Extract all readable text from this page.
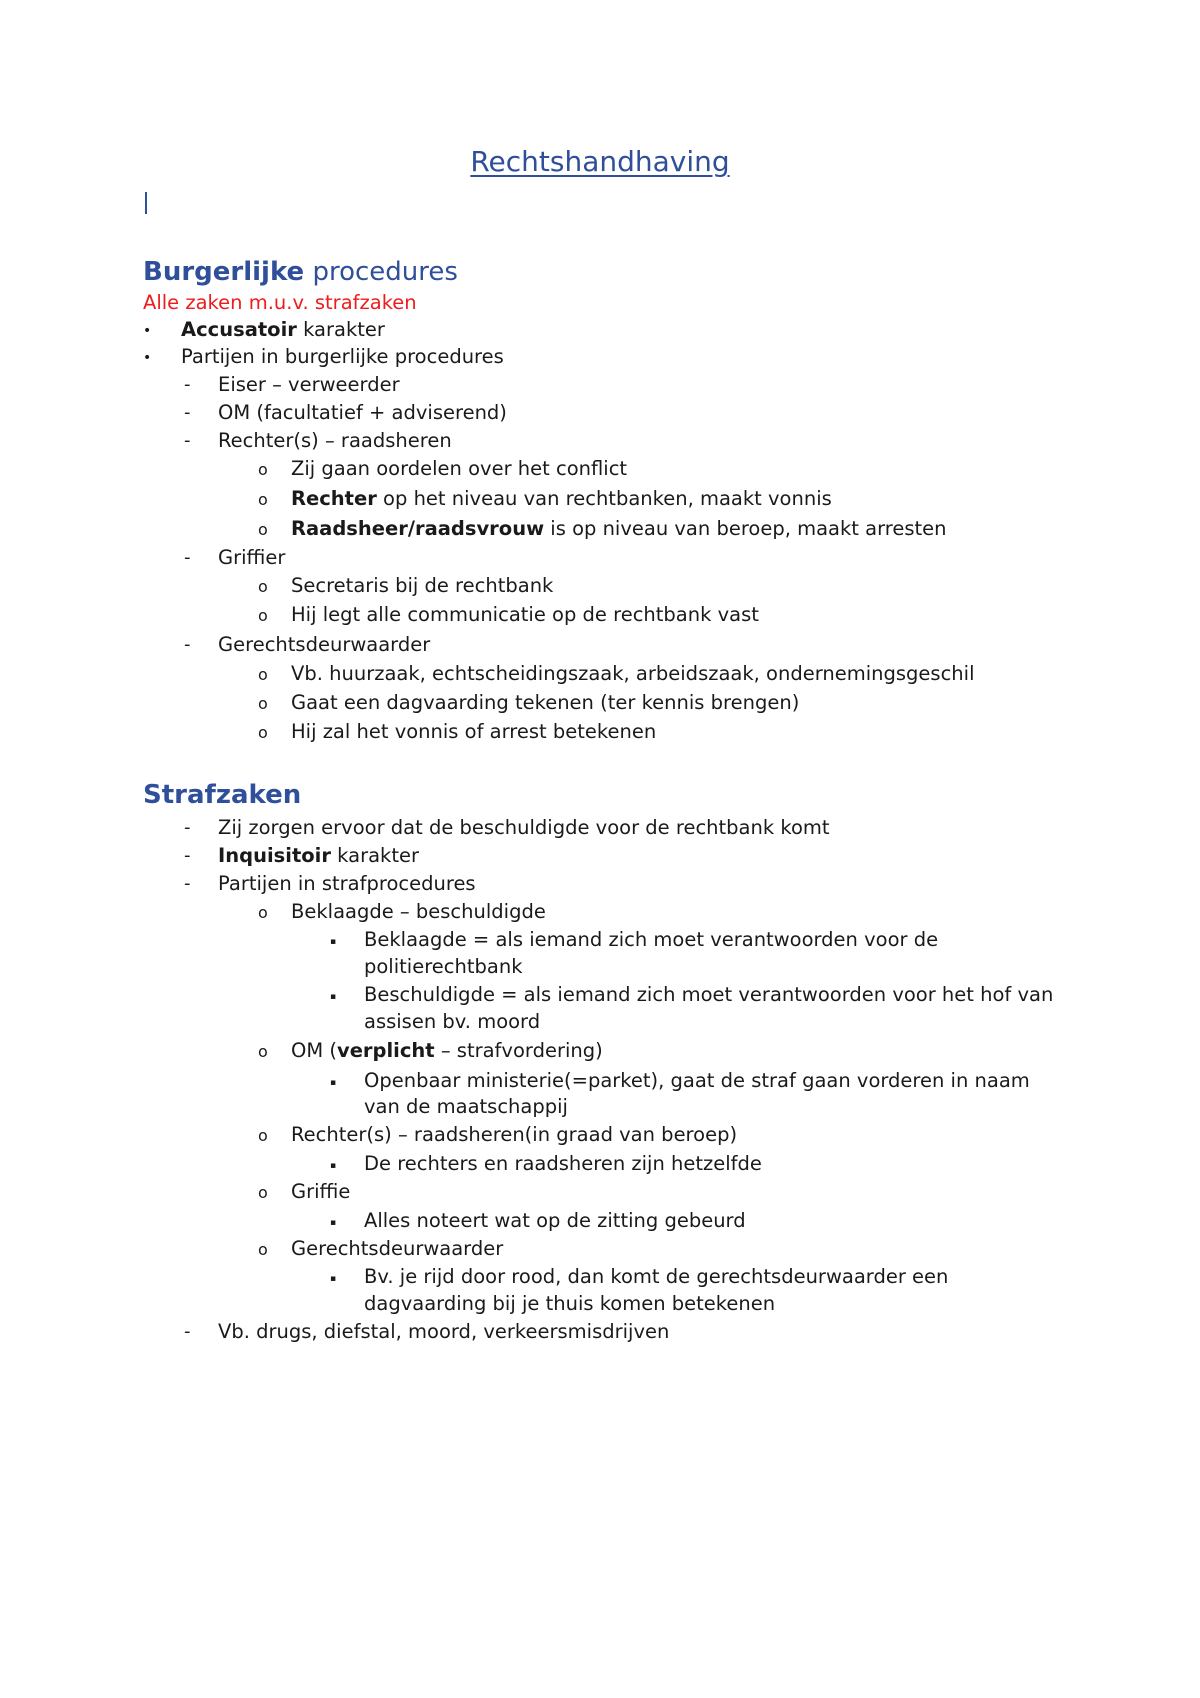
Rechtshandhaving
Burgerlijke procedures
Alle zaken m.u.v. strafzaken
• Accusatoir karakter
• Partijen in burgerlijke procedures
- Eiser – verweerder
- OM (facultatief + adviserend)
- Rechter(s) – raadsheren
o Zij gaan oordelen over het conflict
o Rechter op het niveau van rechtbanken, maakt vonnis
o Raadsheer/raadsvrouw is op niveau van beroep, maakt arresten
- Griffier
o Secretaris bij de rechtbank
o Hij legt alle communicatie op de rechtbank vast
- Gerechtsdeurwaarder
o Vb. huurzaak, echtscheidingszaak, arbeidszaak, ondernemingsgeschil
o Gaat een dagvaarding tekenen (ter kennis brengen)
o Hij zal het vonnis of arrest betekenen
Strafzaken
- Zij zorgen ervoor dat de beschuldigde voor de rechtbank komt
- Inquisitoir karakter
- Partijen in strafprocedures
o Beklaagde – beschuldigde
▪ Beklaagde = als iemand zich moet verantwoorden voor de
politierechtbank
▪ Beschuldigde = als iemand zich moet verantwoorden voor het hof van
assisen bv. moord
o OM (verplicht – strafvordering)
▪ Openbaar ministerie(=parket), gaat de straf gaan vorderen in naam
van de maatschappij
o Rechter(s) – raadsheren(in graad van beroep)
▪ De rechters en raadsheren zijn hetzelfde
o Griffie
▪ Alles noteert wat op de zitting gebeurd
o Gerechtsdeurwaarder
▪ Bv. je rijd door rood, dan komt de gerechtsdeurwaarder een
dagvaarding bij je thuis komen betekenen
- Vb. drugs, diefstal, moord, verkeersmisdrijven
